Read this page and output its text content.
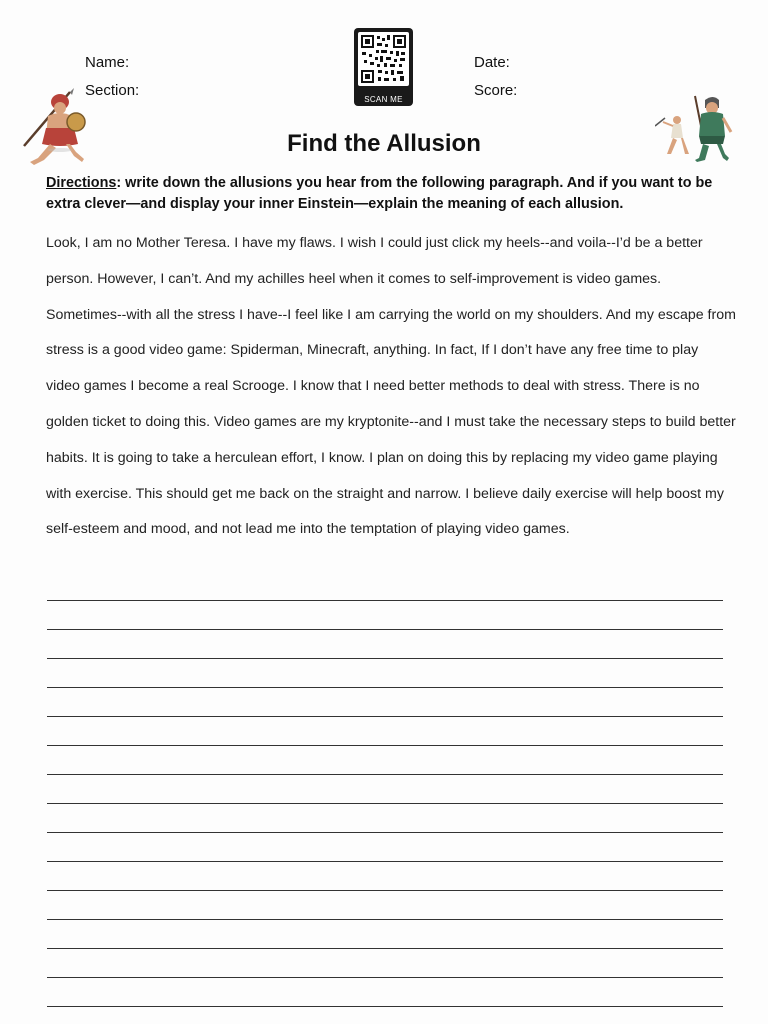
Name:
Section:
Date:
Score:
SCAN ME
Find the Allusion
Directions: write down the allusions you hear from the following paragraph. And if you want to be extra clever—and display your inner Einstein—explain the meaning of each allusion.
Look, I am no Mother Teresa. I have my flaws. I wish I could just click my heels--and voila--I’d be a better person. However, I can’t. And my achilles heel when it comes to self-improvement is video games. Sometimes--with all the stress I have--I feel like I am carrying the world on my shoulders. And my escape from stress is a good video game: Spiderman, Minecraft, anything. In fact, If I don’t have any free time to play video games I become a real Scrooge. I know that I need better methods to deal with stress. There is no golden ticket to doing this. Video games are my kryptonite--and I must take the necessary steps to build better habits. It is going to take a herculean effort, I know. I plan on doing this by replacing my video game playing with exercise. This should get me back on the straight and narrow. I believe daily exercise will help boost my self-esteem and mood, and not lead me into the temptation of playing video games.
